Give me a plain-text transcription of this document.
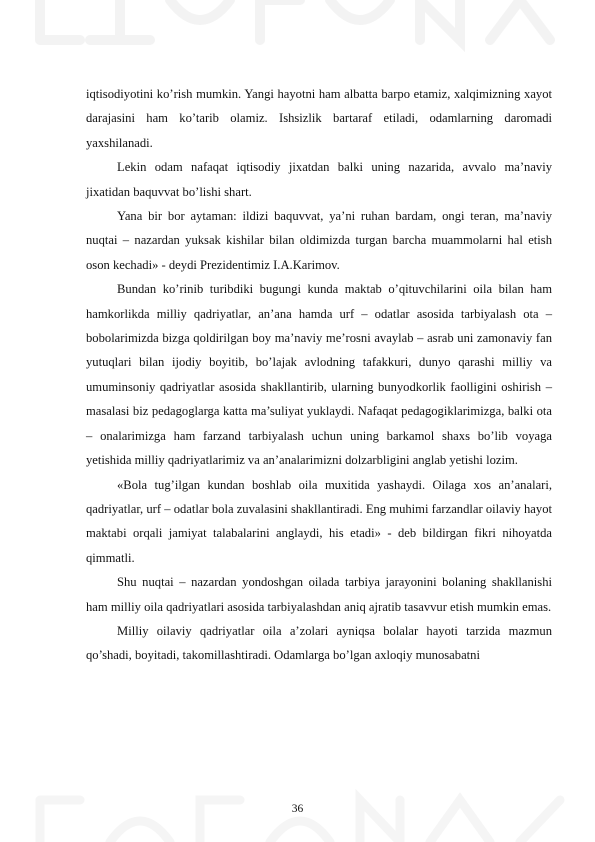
iqtisodiyotini ko’rish mumkin. Yangi hayotni ham albatta barpo etamiz, xalqimizning xayot darajasini ham ko’tarib olamiz. Ishsizlik bartaraf etiladi, odamlarning daromadi yaxshilanadi.

Lekin odam nafaqat iqtisodiy jixatdan balki uning nazarida, avvalo ma’naviy jixatidan baquvvat bo’lishi shart.

Yana bir bor aytaman: ildizi baquvvat, ya’ni ruhan bardam, ongi teran, ma’naviy nuqtai – nazardan yuksak kishilar bilan oldimizda turgan barcha muammolarni hal etish oson kechadi» - deydi Prezidentimiz I.A.Karimov.

Bundan ko’rinib turibdiki bugungi kunda maktab o’qituvchilarini oila bilan ham hamkorlikda milliy qadriyatlar, an’ana hamda urf – odatlar asosida tarbiyalash ota – bobolarimizda bizga qoldirilgan boy ma’naviy me’rosni avaylab – asrab uni zamonaviy fan yutuqlari bilan ijodiy boyitib, bo’lajak avlodning tafakkuri, dunyo qarashi milliy va umuminsoniy qadriyatlar asosida shakllantirib, ularning bunyodkorlik faolligini oshirish – masalasi biz pedagoglarga katta ma’suliyat yuklaydi. Nafaqat pedagogiklarimizga, balki ota – onalarimizga ham farzand tarbiyalash uchun uning barkamol shaxs bo’lib voyaga yetishida milliy qadriyatlarimiz va an’analarimizni dolzarbligini anglab yetishi lozim.

«Bola tug’ilgan kundan boshlab oila muxitida yashaydi. Oilaga xos an’analari, qadriyatlar, urf – odatlar bola zuvalasini shakllantiradi. Eng muhimi farzandlar oilaviy hayot maktabi orqali jamiyat talabalarini anglaydi, his etadi» - deb bildirgan fikri nihoyatda qimmatli.

Shu nuqtai – nazardan yondoshgan oilada tarbiya jarayonini bolaning shakllanishi ham milliy oila qadriyatlari asosida tarbiyalashdan aniq ajratib tasavvur etish mumkin emas.

Milliy oilaviy qadriyatlar oila a’zolari ayniqsa bolalar hayoti tarzida mazmun qo’shadi, boyitadi, takomillashtiradi. Odamlarga bo’lgan axloqiy munosabatni

36
